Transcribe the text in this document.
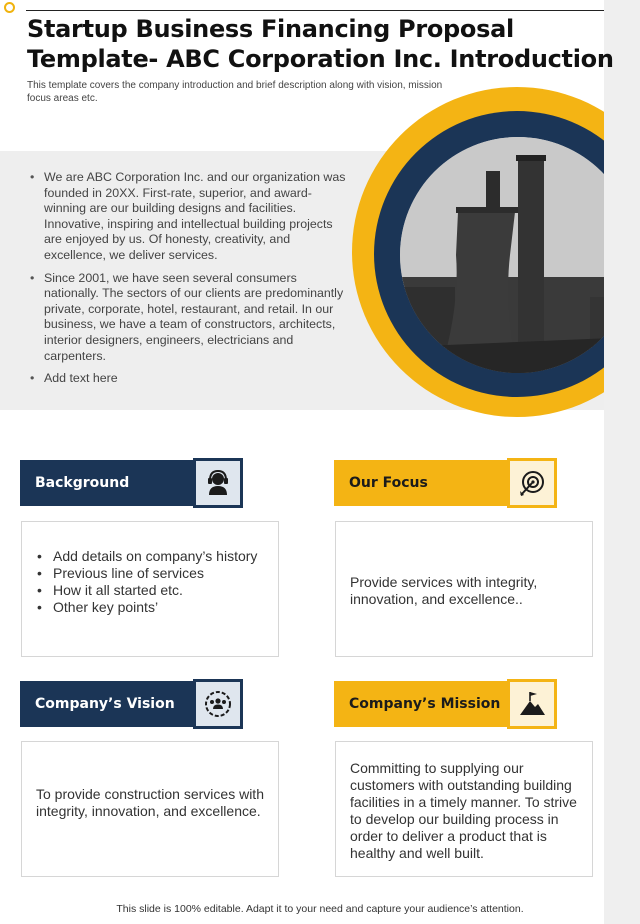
Startup Business Financing Proposal Template- ABC Corporation Inc. Introduction

This template covers the company introduction and brief description along with vision, mission focus areas etc.

• We are ABC Corporation Inc. and our organization was founded in 20XX. First-rate, superior, and award-winning are our building designs and facilities. Innovative, inspiring and intellectual building projects are enjoyed by us. Of honesty, creativity, and excellence, we deliver services.
• Since 2001, we have seen several consumers nationally. The sectors of our clients are predominantly private, corporate, hotel, restaurant, and retail. In our business, we have a team of constructors, architects, interior designers, engineers, electricians and carpenters.
• Add text here
Background
• Add details on company’s history
• Previous line of services
• How it all started etc.
• Other key points’
Our Focus

Provide services with integrity, innovation, and excellence..

Company’s Vision

To provide construction services with integrity, innovation, and excellence.

Company’s Mission

Committing to supplying our customers with outstanding building facilities in a timely manner. To strive to develop our building process in order to deliver a product that is healthy and well built.

This slide is 100% editable. Adapt it to your need and capture your audience’s attention.
